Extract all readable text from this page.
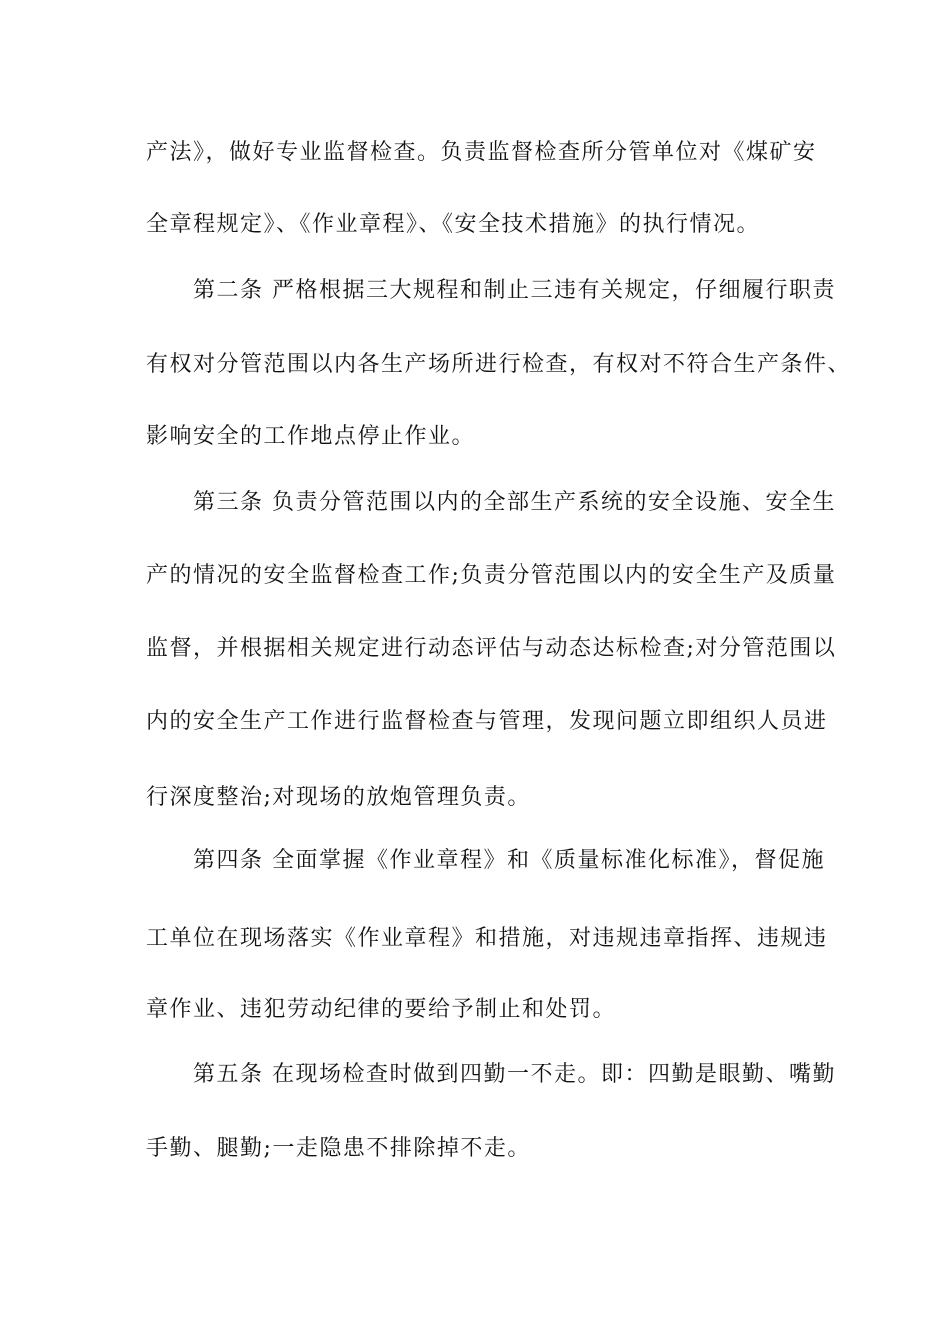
产法》，做好专业监督检查。负责监督检查所分管单位对《煤矿安
全章程规定》、《作业章程》、《安全技术措施》的执行情况。
第二条 严格根据三大规程和制止三违有关规定，仔细履行职责
有权对分管范围以内各生产场所进行检查，有权对不符合生产条件、
影响安全的工作地点停止作业。
第三条 负责分管范围以内的全部生产系统的安全设施、安全生
产的情况的安全监督检查工作;负责分管范围以内的安全生产及质量
监督，并根据相关规定进行动态评估与动态达标检查;对分管范围以
内的安全生产工作进行监督检查与管理，发现问题立即组织人员进
行深度整治;对现场的放炮管理负责。
第四条 全面掌握《作业章程》和《质量标准化标准》，督促施
工单位在现场落实《作业章程》和措施，对违规违章指挥、违规违
章作业、违犯劳动纪律的要给予制止和处罚。
第五条 在现场检查时做到四勤一不走。即：四勤是眼勤、嘴勤
手勤、腿勤;一走隐患不排除掉不走。
